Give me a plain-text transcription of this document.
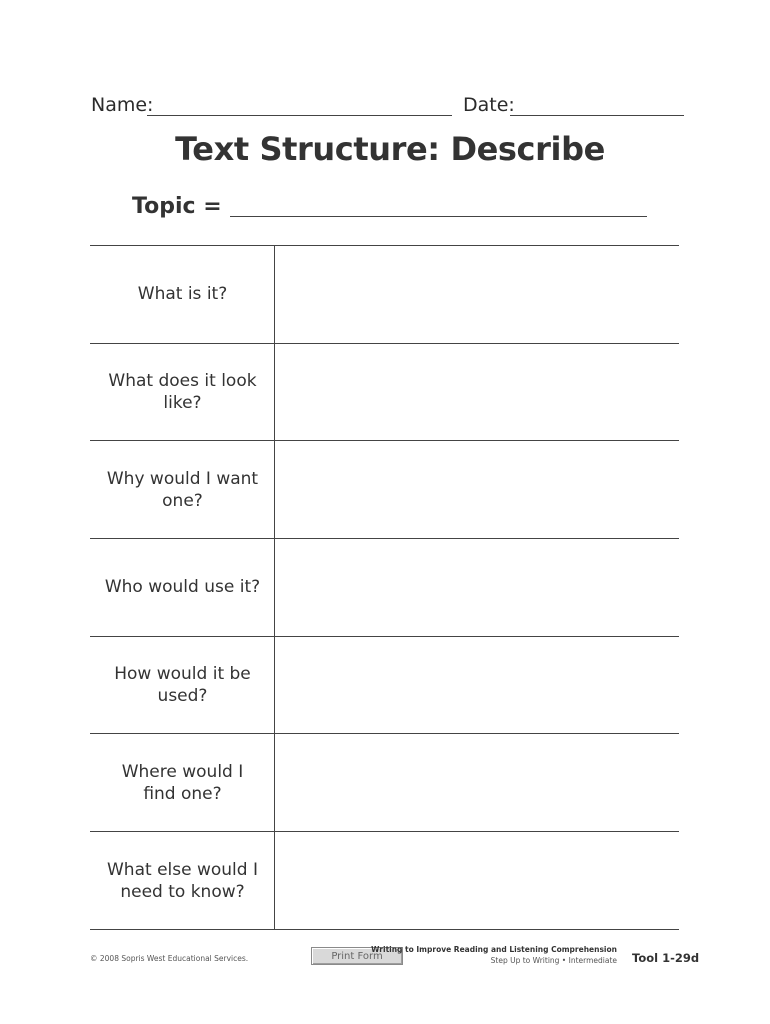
Name:	Date:
Text Structure: Describe
Topic =
What is it?
What does it look like?
Why would I want one?
Who would use it?
How would it be used?
Where would I find one?
What else would I need to know?
© 2008 Sopris West Educational Services.	Print Form
Writing to Improve Reading and Listening Comprehension
Step Up to Writing • Intermediate Tool 1-29d
